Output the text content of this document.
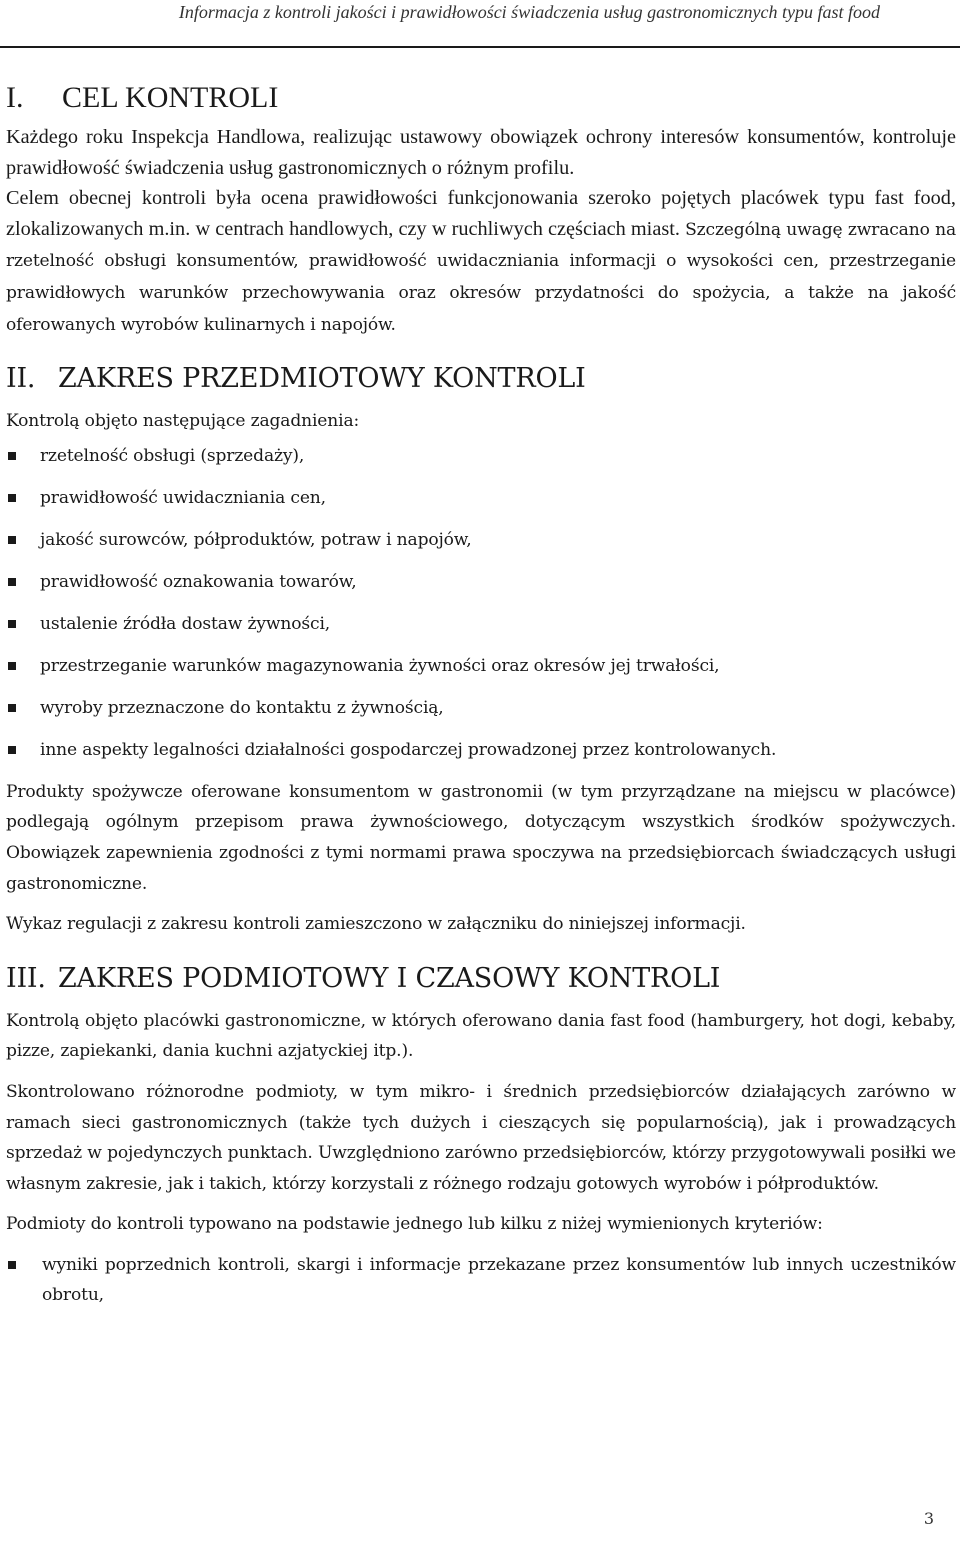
Informacja z kontroli jakości i prawidłowości świadczenia usług gastronomicznych typu fast food
I. CEL KONTROLI

Każdego roku Inspekcja Handlowa, realizując ustawowy obowiązek ochrony interesów konsumentów, kontroluje prawidłowość świadczenia usług gastronomicznych o różnym profilu.

Celem obecnej kontroli była ocena prawidłowości funkcjonowania szeroko pojętych placówek typu fast food, zlokalizowanych m.in. w centrach handlowych, czy w ruchliwych częściach miast. Szczególną uwagę zwracano na rzetelność obsługi konsumentów, prawidłowość uwidaczniania informacji o wysokości cen, przestrzeganie prawidłowych warunków przechowywania oraz okresów przydatności do spożycia, a także na jakość oferowanych wyrobów kulinarnych i napojów.

II. ZAKRES PRZEDMIOTOWY KONTROLI

Kontrolą objęto następujące zagadnienia:

rzetelność obsługi (sprzedaży),
prawidłowość uwidaczniania cen,
jakość surowców, półproduktów, potraw i napojów,
prawidłowość oznakowania towarów,
ustalenie źródła dostaw żywności,
przestrzeganie warunków magazynowania żywności oraz okresów jej trwałości,
wyroby przeznaczone do kontaktu z żywnością,
inne aspekty legalności działalności gospodarczej prowadzonej przez kontrolowanych.

Produkty spożywcze oferowane konsumentom w gastronomii (w tym przyrządzane na miejscu w placówce) podlegają ogólnym przepisom prawa żywnościowego, dotyczącym wszystkich środków spożywczych. Obowiązek zapewnienia zgodności z tymi normami prawa spoczywa na przedsiębiorcach świadczących usługi gastronomiczne.

Wykaz regulacji z zakresu kontroli zamieszczono w załączniku do niniejszej informacji.

III. ZAKRES PODMIOTOWY I CZASOWY KONTROLI

Kontrolą objęto placówki gastronomiczne, w których oferowano dania fast food (hamburgery, hot dogi, kebaby, pizze, zapiekanki, dania kuchni azjatyckiej itp.).

Skontrolowano różnorodne podmioty, w tym mikro- i średnich przedsiębiorców działających zarówno w ramach sieci gastronomicznych (także tych dużych i cieszących się popularnością), jak i prowadzących sprzedaż w pojedynczych punktach. Uwzględniono zarówno przedsiębiorców, którzy przygotowywali posiłki we własnym zakresie, jak i takich, którzy korzystali z różnego rodzaju gotowych wyrobów i półproduktów.

Podmioty do kontroli typowano na podstawie jednego lub kilku z niżej wymienionych kryteriów:

wyniki poprzednich kontroli, skargi i informacje przekazane przez konsumentów lub innych uczestników obrotu,
3
